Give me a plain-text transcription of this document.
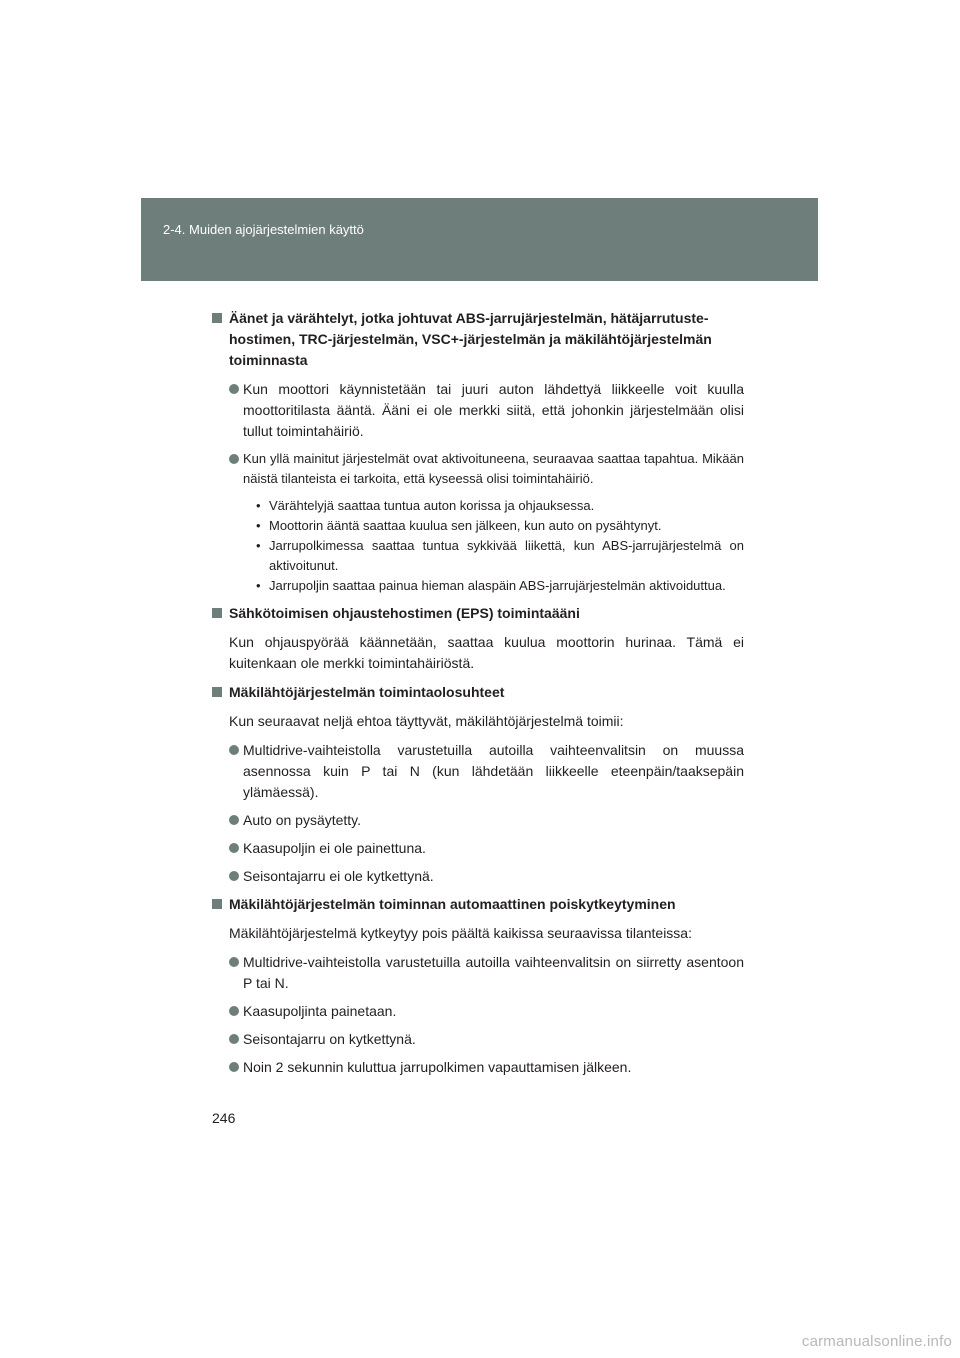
2-4. Muiden ajojärjestelmien käyttö
Äänet ja värähtelyt, jotka johtuvat ABS-jarrujärjestelmän, hätäjarrutuste-hostimen, TRC-järjestelmän, VSC+-järjestelmän ja mäkilähtöjärjestelmän toiminnasta
Kun moottori käynnistetään tai juuri auton lähdettyä liikkeelle voit kuulla moottoritilasta ääntä. Ääni ei ole merkki siitä, että johonkin järjestelmään olisi tullut toimintahäiriö.
Kun yllä mainitut järjestelmät ovat aktivoituneena, seuraavaa saattaa tapahtua. Mikään näistä tilanteista ei tarkoita, että kyseessä olisi toimintahäiriö.
• Värähtelyjä saattaa tuntua auton korissa ja ohjauksessa.
• Moottorin ääntä saattaa kuulua sen jälkeen, kun auto on pysähtynyt.
• Jarrupolkimessa saattaa tuntua sykkivää liikettä, kun ABS-jarrujärjestelmä on aktivoitunut.
• Jarrupoljin saattaa painua hieman alaspäin ABS-jarrujärjestelmän aktivoiduttua.
Sähkötoimisen ohjaustehostimen (EPS) toimintaääni
Kun ohjauspyörää käännetään, saattaa kuulua moottorin hurinaa. Tämä ei kuitenkaan ole merkki toimintahäiriöstä.
Mäkilähtöjärjestelmän toimintaolosuhteet
Kun seuraavat neljä ehtoa täyttyvät, mäkilähtöjärjestelmä toimii:
Multidrive-vaihteistolla varustetuilla autoilla vaihteenvalitsin on muussa asennossa kuin P tai N (kun lähdetään liikkeelle eteenpäin/taaksepäin ylämäessä).
Auto on pysäytetty.
Kaasupoljin ei ole painettuna.
Seisontajarru ei ole kytkettynä.
Mäkilähtöjärjestelmän toiminnan automaattinen poiskytkeytyminen
Mäkilähtöjärjestelmä kytkeytyy pois päältä kaikissa seuraavissa tilanteissa:
Multidrive-vaihteistolla varustetuilla autoilla vaihteenvalitsin on siirretty asentoon P tai N.
Kaasupoljinta painetaan.
Seisontajarru on kytkettynä.
Noin 2 sekunnin kuluttua jarrupolkimen vapauttamisen jälkeen.
246
carmanualsonline.info
